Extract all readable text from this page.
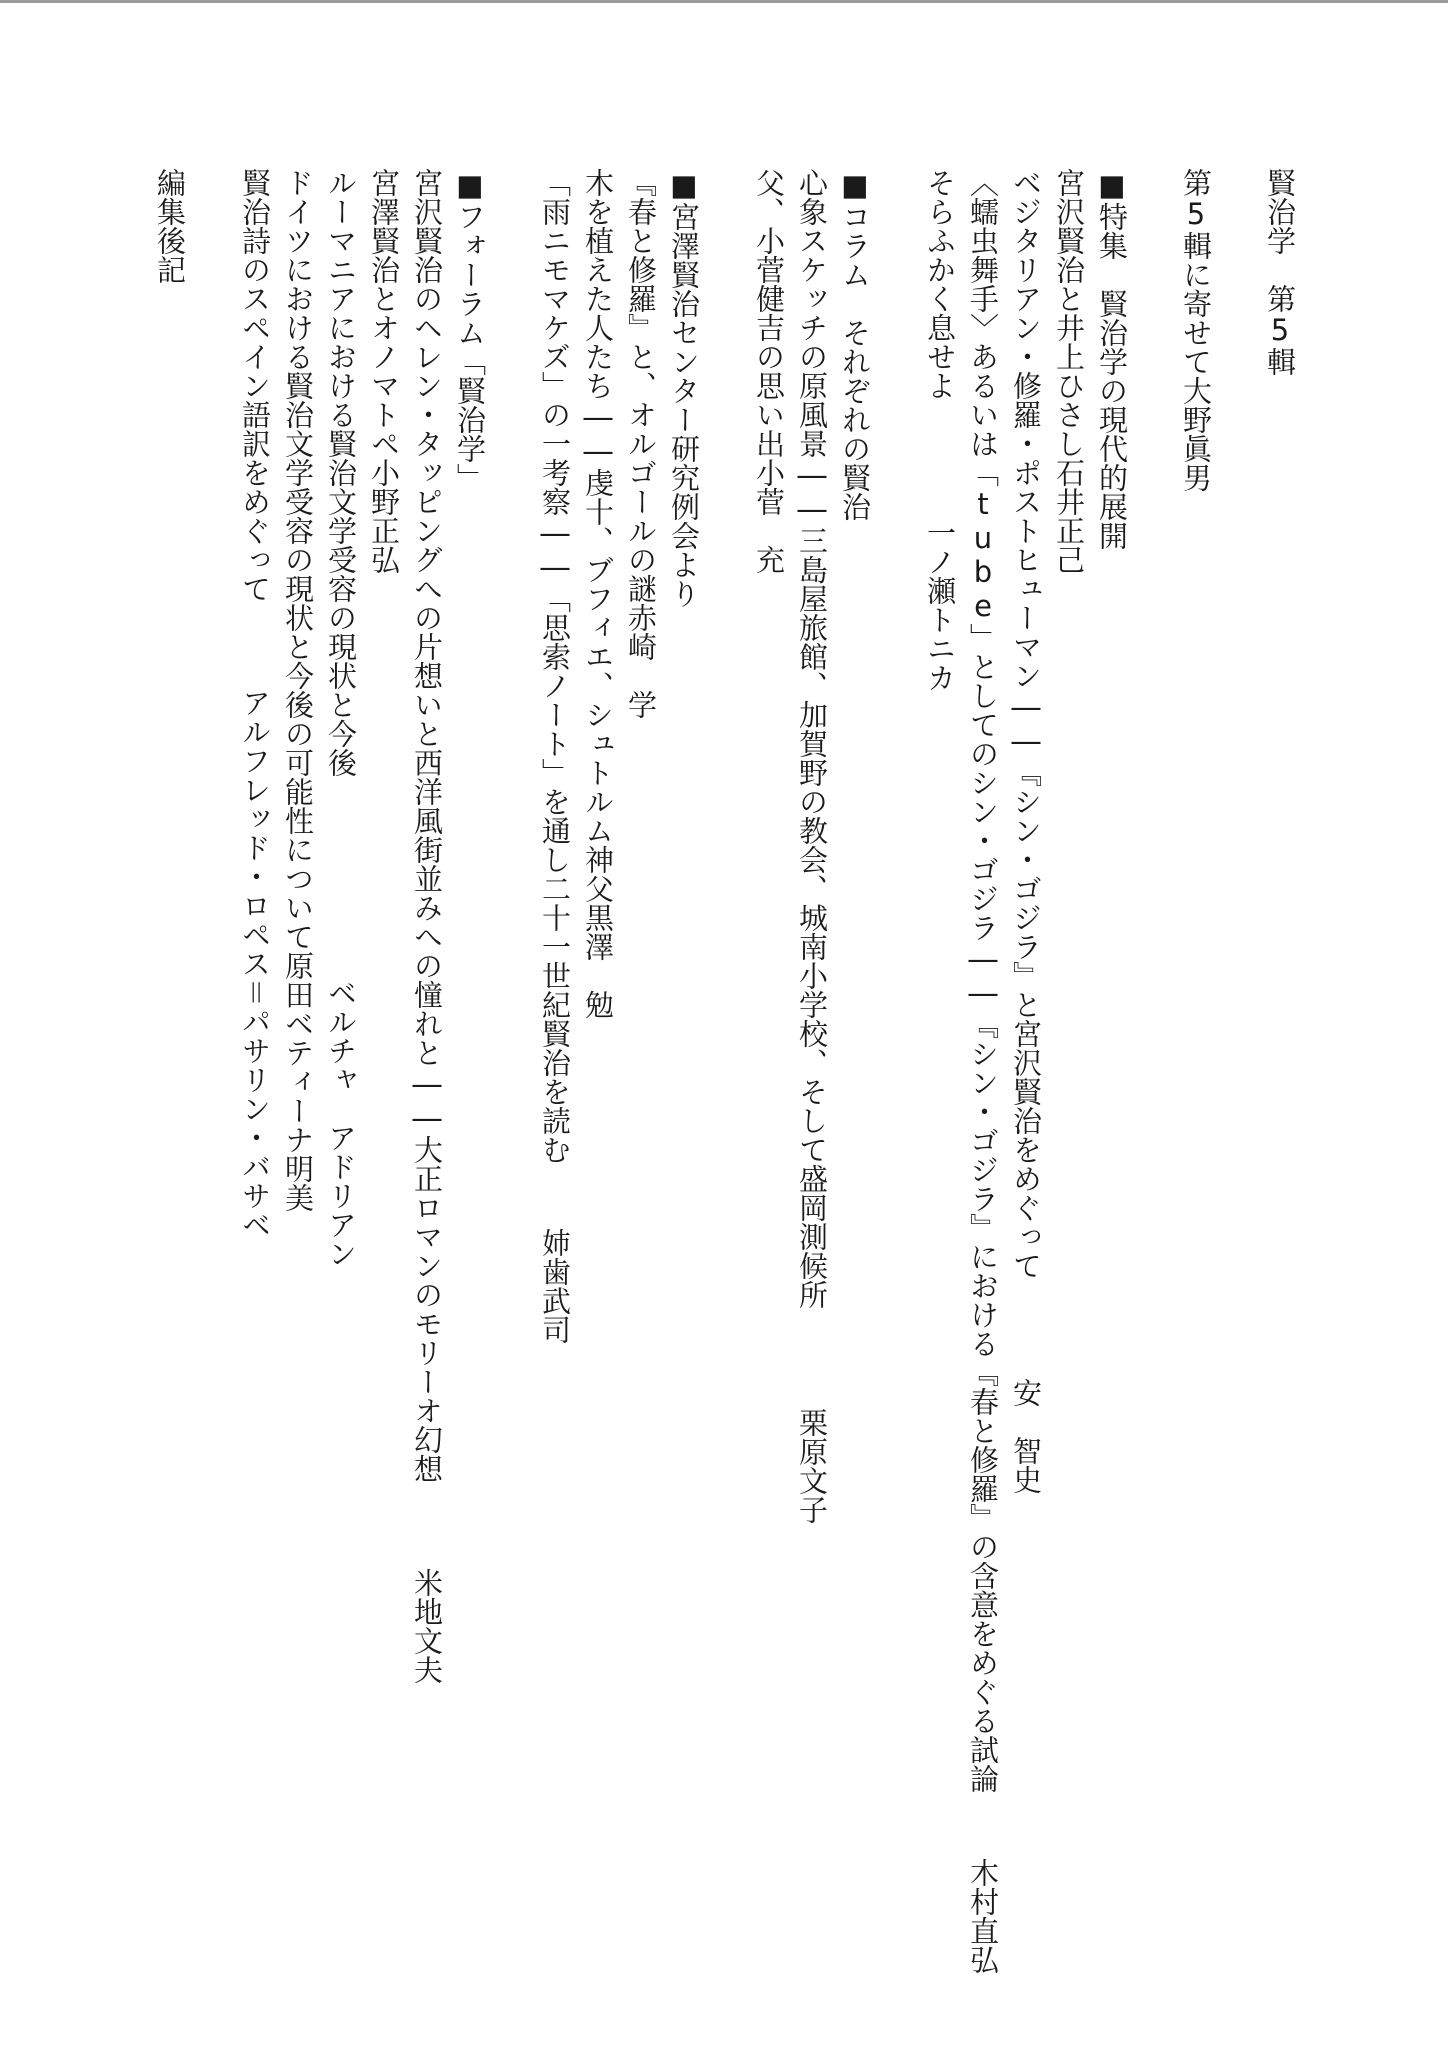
賢治学　第5輯
第5輯に寄せて大野眞男
■特集　賢治学の現代的展開
宮沢賢治と井上ひさし石井正己
ベジタリアン・修羅・ポストヒューマン――『シン・ゴジラ』と宮沢賢治をめぐって
安　智史
〈蠕虫舞手〉あるいは「tube」としてのシン・ゴジラ――『シン・ゴジラ』における『春と修羅』の含意をめぐる試論
木村直弘
そらふかく息せよ
一ノ瀬トニカ
■コラム　それぞれの賢治
心象スケッチの原風景――三島屋旅館、加賀野の教会、城南小学校、そして盛岡測候所
栗原文子
父、小菅健吉の思い出小菅　充
■宮澤賢治センター研究例会より
『春と修羅』と、オルゴールの謎赤崎　学
木を植えた人たち――虔十、ブフィエ、シュトルム神父黒澤　勉
「雨ニモマケズ」の一考察――「思索ノート」を通し二十一世紀賢治を読む
姉歯武司
■フォーラム「賢治学」
宮沢賢治のヘレン・タッピングへの片想いと西洋風街並みへの憧れと――大正ロマンのモリーオ幻想
米地文夫
宮澤賢治とオノマトペ小野正弘
ルーマニアにおける賢治文学受容の現状と今後
ベルチャ　アドリアン
ドイツにおける賢治文学受容の現状と今後の可能性について原田ベティーナ明美
賢治詩のスペイン語訳をめぐって
アルフレッド・ロペス＝パサリン・バサベ
編集後記
